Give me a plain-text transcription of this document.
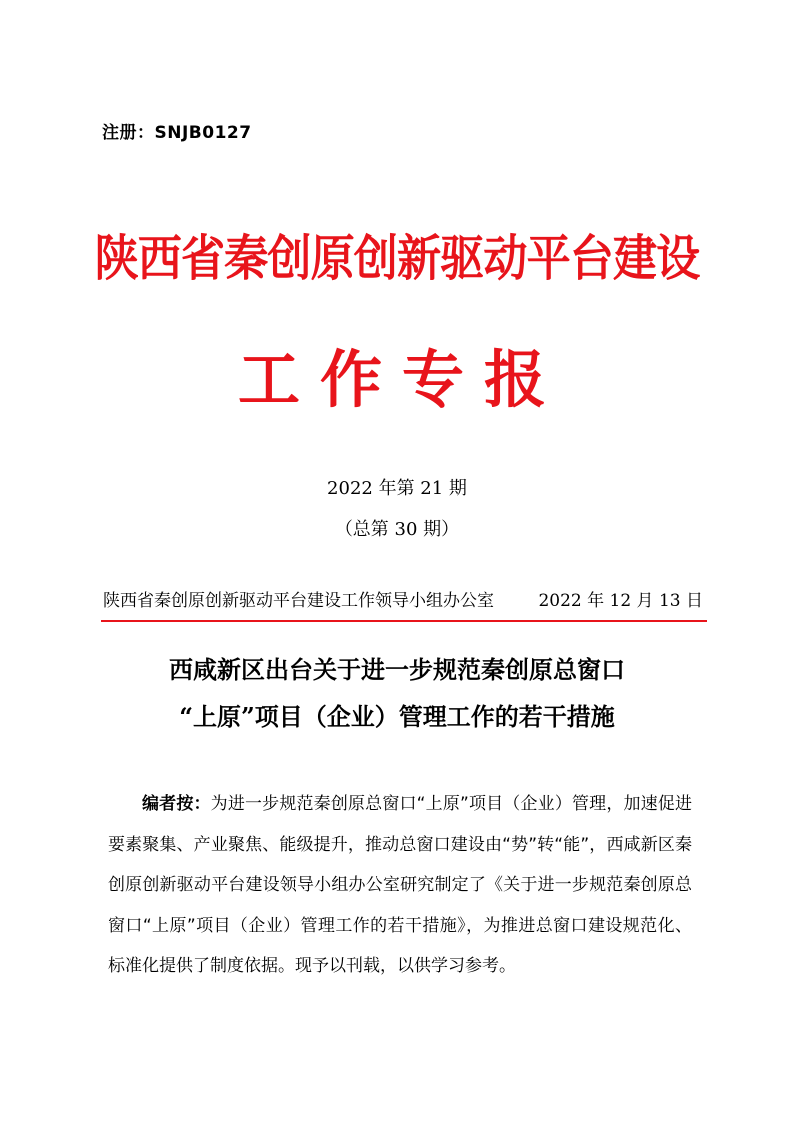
注册：SNJB0127
陕西省秦创原创新驱动平台建设
工作专报
2022 年第 21 期
（总第 30 期）
陕西省秦创原创新驱动平台建设工作领导小组办公室	2022 年 12 月 13 日
西咸新区出台关于进一步规范秦创原总窗口
“上原”项目（企业）管理工作的若干措施
编者按：为进一步规范秦创原总窗口“上原”项目（企业）管理，加速促进要素聚集、产业聚焦、能级提升，推动总窗口建设由“势”转“能”，西咸新区秦创原创新驱动平台建设领导小组办公室研究制定了《关于进一步规范秦创原总窗口“上原”项目（企业）管理工作的若干措施》，为推进总窗口建设规范化、标准化提供了制度依据。现予以刊载，以供学习参考。
